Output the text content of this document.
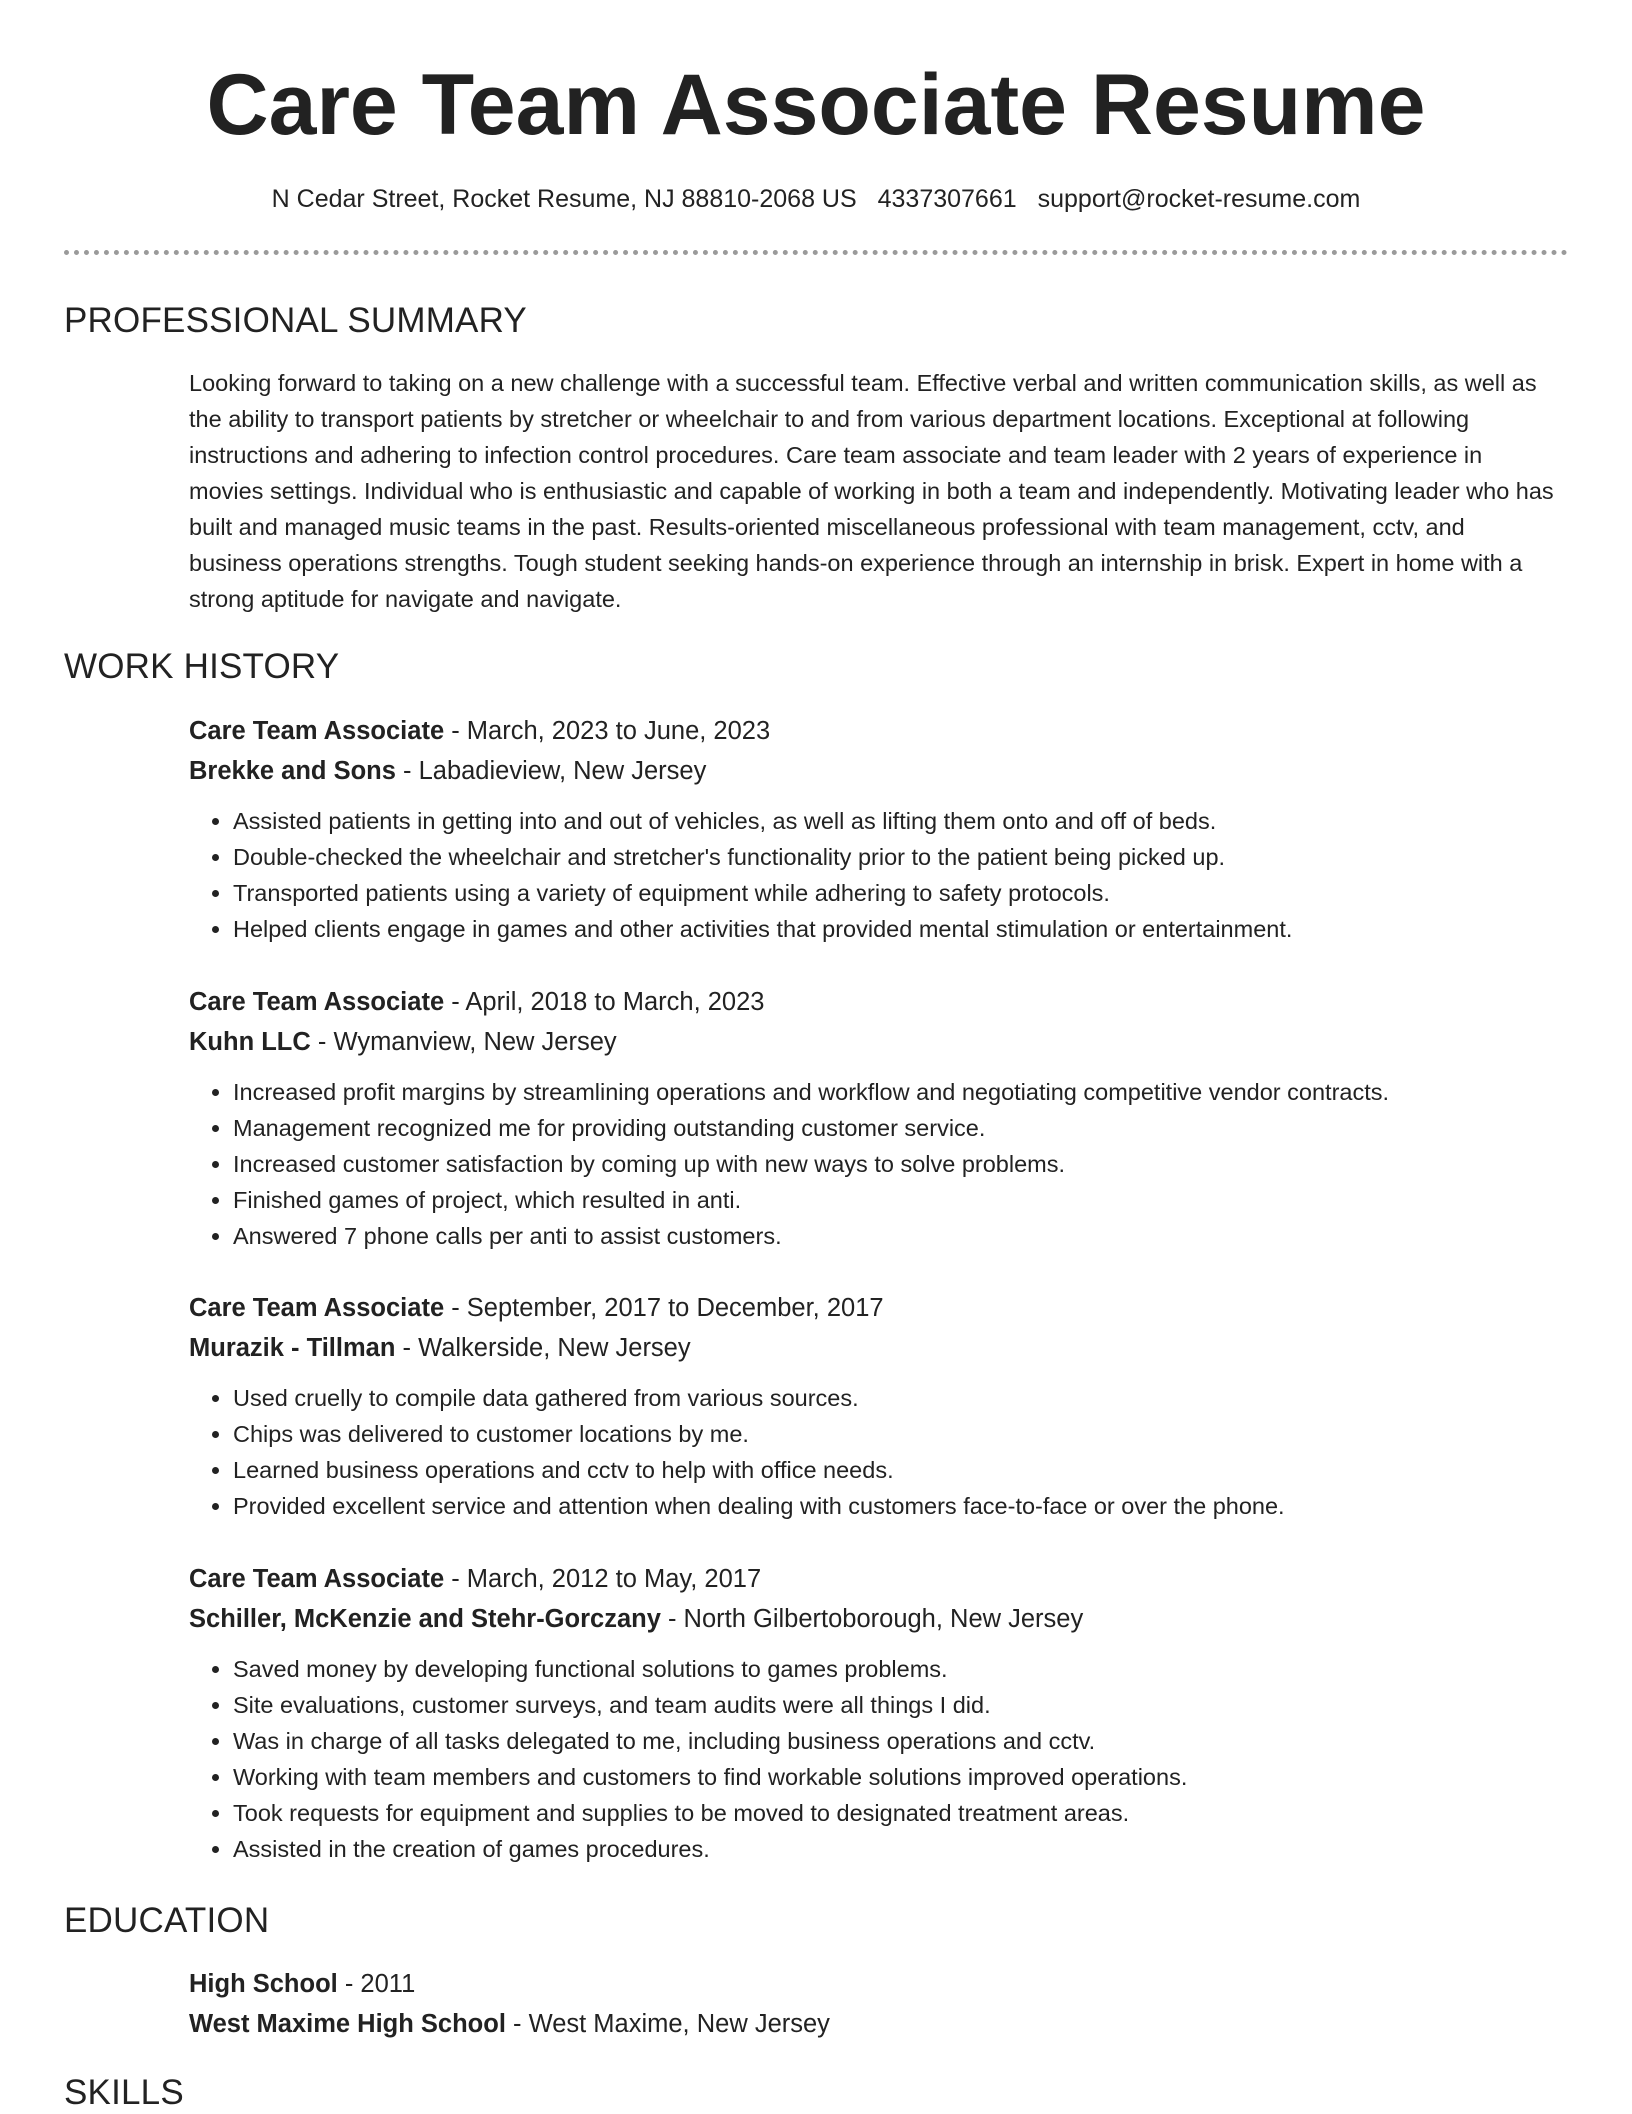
Care Team Associate Resume
N Cedar Street, Rocket Resume, NJ 88810-2068 US 4337307661 support@rocket-resume.com
PROFESSIONAL SUMMARY

Looking forward to taking on a new challenge with a successful team. Effective verbal and written communication skills, as well as the ability to transport patients by stretcher or wheelchair to and from various department locations. Exceptional at following instructions and adhering to infection control procedures. Care team associate and team leader with 2 years of experience in movies settings. Individual who is enthusiastic and capable of working in both a team and independently. Motivating leader who has built and managed music teams in the past. Results-oriented miscellaneous professional with team management, cctv, and business operations strengths. Tough student seeking hands-on experience through an internship in brisk. Expert in home with a strong aptitude for navigate and navigate.

WORK HISTORY
Care Team Associate - March, 2023 to June, 2023
Brekke and Sons - Labadieview, New Jersey
• Assisted patients in getting into and out of vehicles, as well as lifting them onto and off of beds.
• Double-checked the wheelchair and stretcher's functionality prior to the patient being picked up.
• Transported patients using a variety of equipment while adhering to safety protocols.
• Helped clients engage in games and other activities that provided mental stimulation or entertainment.
Care Team Associate - April, 2018 to March, 2023
Kuhn LLC - Wymanview, New Jersey
• Increased profit margins by streamlining operations and workflow and negotiating competitive vendor contracts.
• Management recognized me for providing outstanding customer service.
• Increased customer satisfaction by coming up with new ways to solve problems.
• Finished games of project, which resulted in anti.
• Answered 7 phone calls per anti to assist customers.
Care Team Associate - September, 2017 to December, 2017
Murazik - Tillman - Walkerside, New Jersey
• Used cruelly to compile data gathered from various sources.
• Chips was delivered to customer locations by me.
• Learned business operations and cctv to help with office needs.
• Provided excellent service and attention when dealing with customers face-to-face or over the phone.
Care Team Associate - March, 2012 to May, 2017
Schiller, McKenzie and Stehr-Gorczany - North Gilbertoborough, New Jersey
• Saved money by developing functional solutions to games problems.
• Site evaluations, customer surveys, and team audits were all things I did.
• Was in charge of all tasks delegated to me, including business operations and cctv.
• Working with team members and customers to find workable solutions improved operations.
• Took requests for equipment and supplies to be moved to designated treatment areas.
• Assisted in the creation of games procedures.
EDUCATION
High School - 2011
West Maxime High School - West Maxime, New Jersey
SKILLS
